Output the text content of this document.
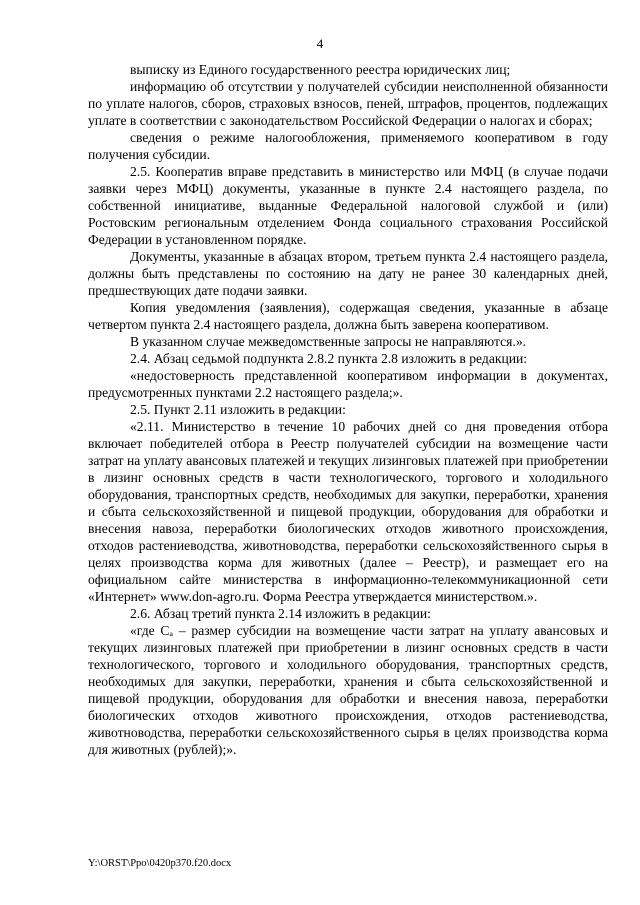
4

выписку из Единого государственного реестра юридических лиц;

информацию об отсутствии у получателей субсидии неисполненной обязанности по уплате налогов, сборов, страховых взносов, пеней, штрафов, процентов, подлежащих уплате в соответствии с законодательством Российской Федерации о налогах и сборах;

сведения о режиме налогообложения, применяемого кооперативом в году получения субсидии.

2.5. Кооператив вправе представить в министерство или МФЦ (в случае подачи заявки через МФЦ) документы, указанные в пункте 2.4 настоящего раздела, по собственной инициативе, выданные Федеральной налоговой службой и (или) Ростовским региональным отделением Фонда социального страхования Российской Федерации в установленном порядке.

Документы, указанные в абзацах втором, третьем пункта 2.4 настоящего раздела, должны быть представлены по состоянию на дату не ранее 30 календарных дней, предшествующих дате подачи заявки.

Копия уведомления (заявления), содержащая сведения, указанные в абзаце четвертом пункта 2.4 настоящего раздела, должна быть заверена кооперативом.

В указанном случае межведомственные запросы не направляются.».

2.4. Абзац седьмой подпункта 2.8.2 пункта 2.8 изложить в редакции:

«недостоверность представленной кооперативом информации в документах, предусмотренных пунктами 2.2 настоящего раздела;».

2.5. Пункт 2.11 изложить в редакции:

«2.11. Министерство в течение 10 рабочих дней со дня проведения отбора включает победителей отбора в Реестр получателей субсидии на возмещение части затрат на уплату авансовых платежей и текущих лизинговых платежей при приобретении в лизинг основных средств в части технологического, торгового и холодильного оборудования, транспортных средств, необходимых для закупки, переработки, хранения и сбыта сельскохозяйственной и пищевой продукции, оборудования для обработки и внесения навоза, переработки биологических отходов животного происхождения, отходов растениеводства, животноводства, переработки сельскохозяйственного сырья в целях производства корма для животных (далее – Реестр), и размещает его на официальном сайте министерства в информационно-телекоммуникационной сети «Интернет» www.don-agro.ru. Форма Реестра утверждается министерством.».

2.6. Абзац третий пункта 2.14 изложить в редакции:

«где Сₐ – размер субсидии на возмещение части затрат на уплату авансовых и текущих лизинговых платежей при приобретении в лизинг основных средств в части технологического, торгового и холодильного оборудования, транспортных средств, необходимых для закупки, переработки, хранения и сбыта сельскохозяйственной и пищевой продукции, оборудования для обработки и внесения навоза, переработки биологических отходов животного происхождения, отходов растениеводства, животноводства, переработки сельскохозяйственного сырья в целях производства корма для животных (рублей);».

Y:\ORST\Ppo\0420p370.f20.docx
